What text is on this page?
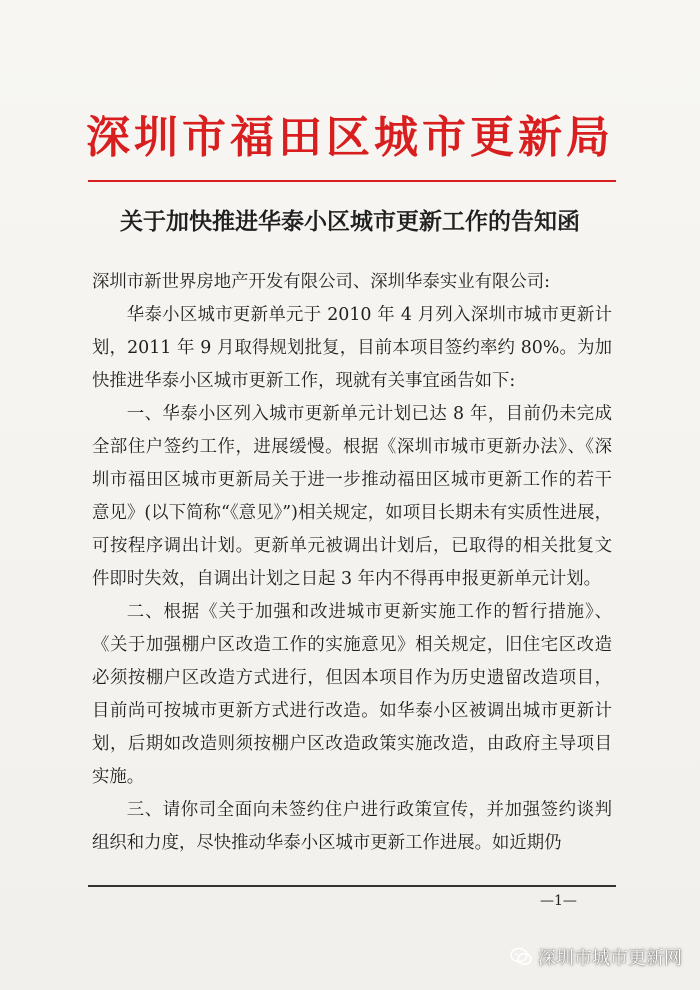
深圳市福田区城市更新局
关于加快推进华泰小区城市更新工作的告知函

深圳市新世界房地产开发有限公司、深圳华泰实业有限公司:

华泰小区城市更新单元于 2010 年 4 月列入深圳市城市更新计划，2011 年 9 月取得规划批复，目前本项目签约率约 80%。为加快推进华泰小区城市更新工作，现就有关事宜函告如下:

一、华泰小区列入城市更新单元计划已达 8 年，目前仍未完成全部住户签约工作，进展缓慢。根据《深圳市城市更新办法》、《深圳市福田区城市更新局关于进一步推动福田区城市更新工作的若干意见》(以下简称“《意见》”)相关规定，如项目长期未有实质性进展，可按程序调出计划。更新单元被调出计划后，已取得的相关批复文件即时失效，自调出计划之日起 3 年内不得再申报更新单元计划。

二、根据《关于加强和改进城市更新实施工作的暂行措施》、《关于加强棚户区改造工作的实施意见》相关规定，旧住宅区改造必须按棚户区改造方式进行，但因本项目作为历史遗留改造项目，目前尚可按城市更新方式进行改造。如华泰小区被调出城市更新计划，后期如改造则须按棚户区改造政策实施改造，由政府主导项目实施。

三、请你司全面向未签约住户进行政策宣传，并加强签约谈判组织和力度，尽快推动华泰小区城市更新工作进展。如近期仍

—1—
深圳市城市更新网
